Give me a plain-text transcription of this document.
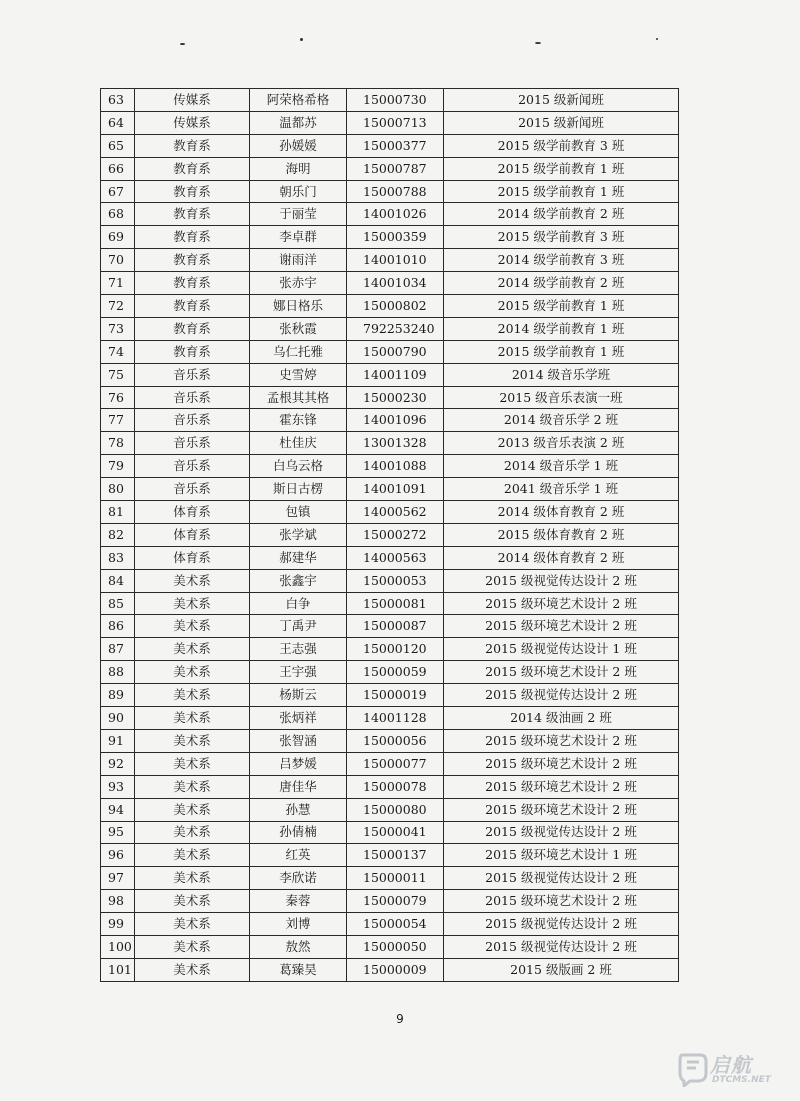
63	传媒系	阿荣格希格	15000730	2015 级新闻班
64	传媒系	温都苏	15000713	2015 级新闻班
65	教育系	孙媛媛	15000377	2015 级学前教育 3 班
66	教育系	海明	15000787	2015 级学前教育 1 班
67	教育系	朝乐门	15000788	2015 级学前教育 1 班
68	教育系	于丽莹	14001026	2014 级学前教育 2 班
69	教育系	李卓群	15000359	2015 级学前教育 3 班
70	教育系	谢雨洋	14001010	2014 级学前教育 3 班
71	教育系	张赤宇	14001034	2014 级学前教育 2 班
72	教育系	娜日格乐	15000802	2015 级学前教育 1 班
73	教育系	张秋霞	792253240	2014 级学前教育 1 班
74	教育系	乌仁托雅	15000790	2015 级学前教育 1 班
75	音乐系	史雪婷	14001109	2014 级音乐学班
76	音乐系	孟根其其格	15000230	2015 级音乐表演一班
77	音乐系	霍东锋	14001096	2014 级音乐学 2 班
78	音乐系	杜佳庆	13001328	2013 级音乐表演 2 班
79	音乐系	白乌云格	14001088	2014 级音乐学 1 班
80	音乐系	斯日古楞	14001091	2041 级音乐学 1 班
81	体育系	包镇	14000562	2014 级体育教育 2 班
82	体育系	张学斌	15000272	2015 级体育教育 2 班
83	体育系	郝建华	14000563	2014 级体育教育 2 班
84	美术系	张鑫宇	15000053	2015 级视觉传达设计 2 班
85	美术系	白争	15000081	2015 级环境艺术设计 2 班
86	美术系	丁禹尹	15000087	2015 级环境艺术设计 2 班
87	美术系	王志强	15000120	2015 级视觉传达设计 1 班
88	美术系	王宇强	15000059	2015 级环境艺术设计 2 班
89	美术系	杨斯云	15000019	2015 级视觉传达设计 2 班
90	美术系	张炳祥	14001128	2014 级油画 2 班
91	美术系	张智涵	15000056	2015 级环境艺术设计 2 班
92	美术系	吕梦媛	15000077	2015 级环境艺术设计 2 班
93	美术系	唐佳华	15000078	2015 级环境艺术设计 2 班
94	美术系	孙慧	15000080	2015 级环境艺术设计 2 班
95	美术系	孙倩楠	15000041	2015 级视觉传达设计 2 班
96	美术系	红英	15000137	2015 级环境艺术设计 1 班
97	美术系	李欣诺	15000011	2015 级视觉传达设计 2 班
98	美术系	秦蓉	15000079	2015 级环境艺术设计 2 班
99	美术系	刘博	15000054	2015 级视觉传达设计 2 班
100	美术系	敖然	15000050	2015 级视觉传达设计 2 班
101	美术系	葛臻昊	15000009	2015 级版画 2 班
9
启航
DTCMS.NET
